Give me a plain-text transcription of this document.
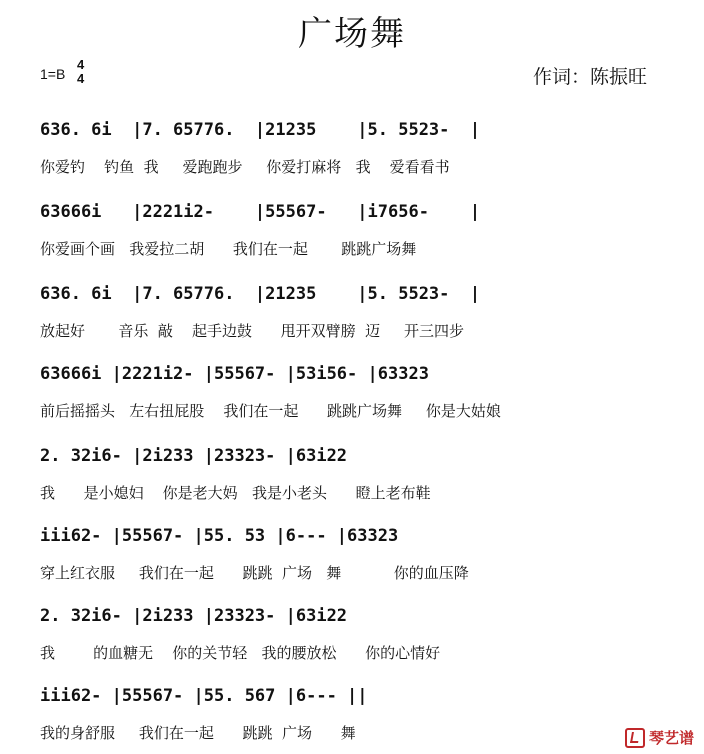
广场舞
1=B
4
4	作词：陈振旺
636. 6i  |7. 65776.  |21235    |5. 5523-  |
你爱钓    钓鱼  我     爱跑跑步     你爱打麻将   我    爱看看书
63666i   |2221i2-    |55567-   |i7656-    |
你爱画个画   我爱拉二胡      我们在一起       跳跳广场舞
636. 6i  |7. 65776.  |21235    |5. 5523-  |
放起好       音乐  敲    起手边鼓      甩开双臂膀  迈     开三四步
63666i |2221i2- |55567- |53i56- |63323
前后摇摇头   左右扭屁股    我们在一起      跳跳广场舞     你是大姑娘
2. 32i6- |2i233 |23323- |63i22
我      是小媳妇    你是老大妈   我是小老头      瞪上老布鞋
iii62- |55567- |55. 53 |6--- |63323
穿上红衣服     我们在一起      跳跳  广场   舞           你的血压降
2. 32i6- |2i233 |23323- |63i22
我        的血糖无    你的关节轻   我的腰放松      你的心情好
iii62- |55567- |55. 567 |6--- ||
我的身舒服     我们在一起      跳跳  广场      舞	琴艺谱
